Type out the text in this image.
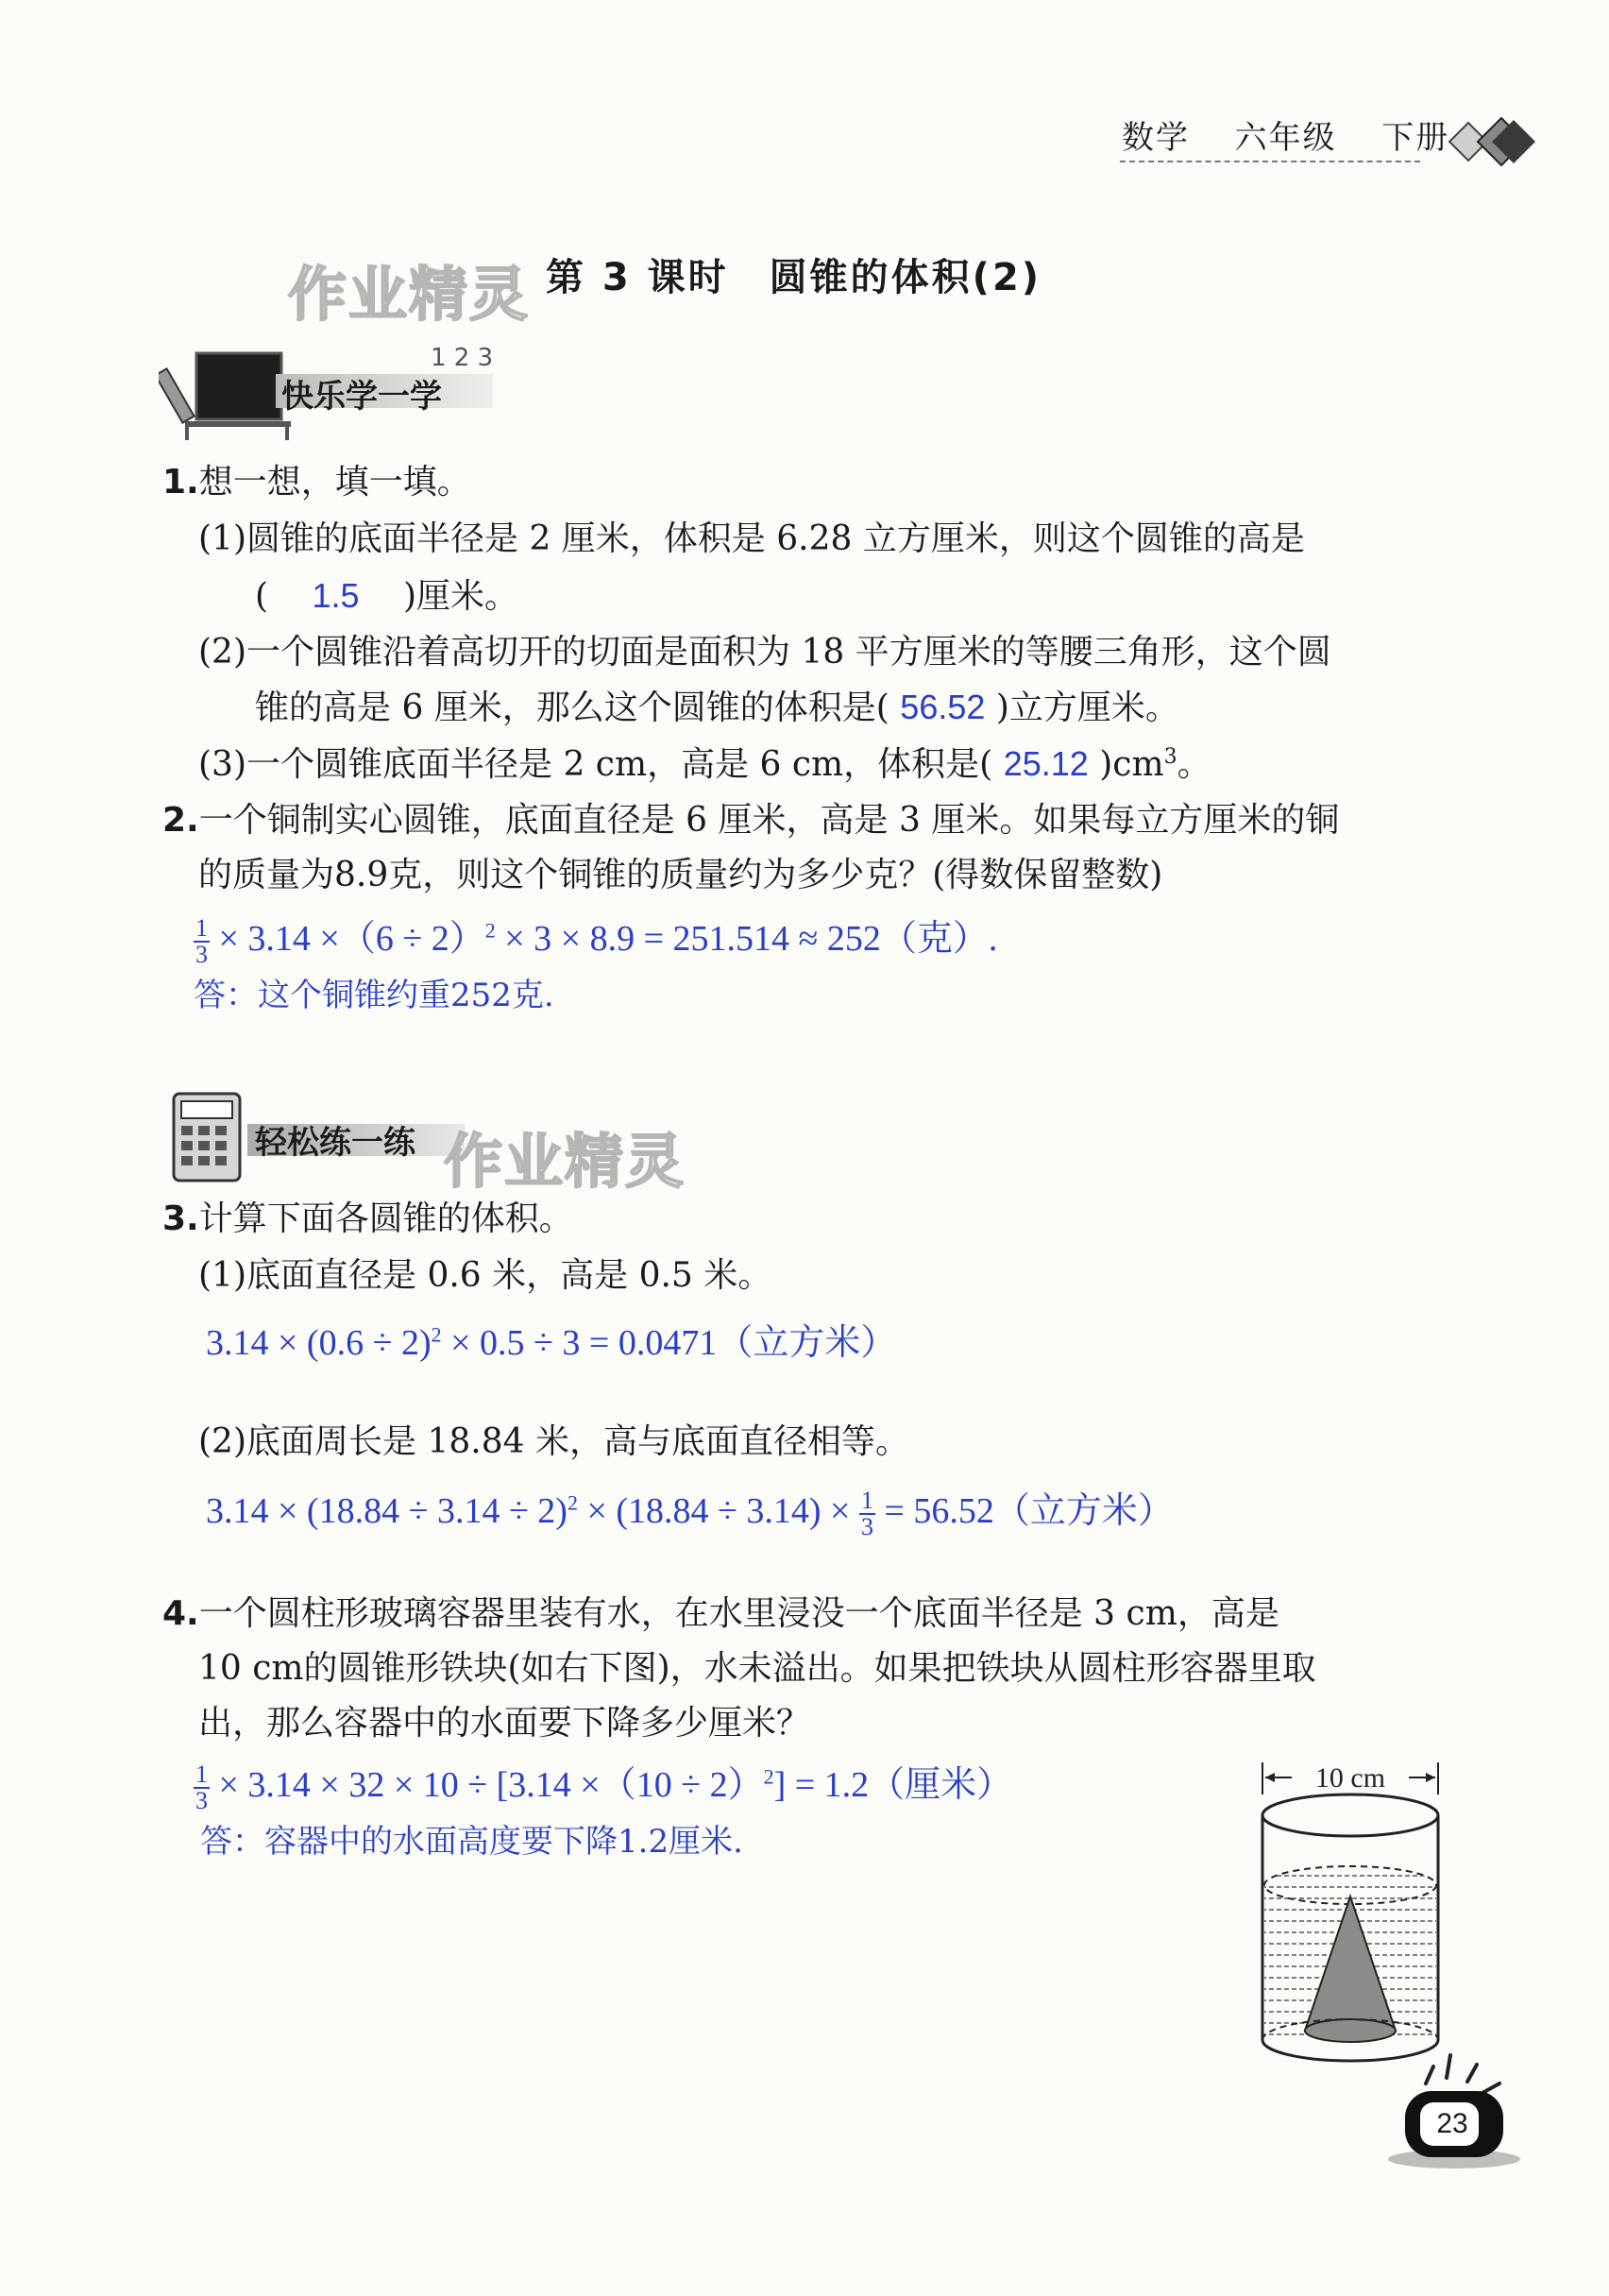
数学 六年级 下册
作业精灵 第 3 课时　圆锥的体积(2)
快乐学一学
1 2 3
1.想一想，填一填。
(1)圆锥的底面半径是 2 厘米，体积是 6.28 立方厘米，则这个圆锥的高是
( 1.5 )厘米。
(2)一个圆锥沿着高切开的切面是面积为 18 平方厘米的等腰三角形，这个圆
锥的高是 6 厘米，那么这个圆锥的体积是( 56.52 )立方厘米。
(3)一个圆锥底面半径是 2 cm，高是 6 cm，体积是( 25.12 )$cm^3$。
2.一个铜制实心圆锥，底面直径是 6 厘米，高是 3 厘米。如果每立方厘米的铜
的质量为8.9克，则这个铜锥的质量约为多少克？(得数保留整数)
$\frac{1}{3} \times 3.14 \times(6 \div 2)^2 \times 3 \times 8.9 = 251.514 \approx 252$（克）.
答：这个铜锥约重252克.
轻松练一练 作业精灵
3.计算下面各圆锥的体积。
(1)底面直径是 0.6 米，高是 0.5 米。
$3.14 \times (0.6 \div 2)^2 \times 0.5 \div 3 = 0.0471$（立方米）
(2)底面周长是 18.84 米，高与底面直径相等。
$3.14 \times (18.84 \div 3.14 \div 2)^2 \times (18.84 \div 3.14) \times \frac{1}{3} = 56.52$（立方米）
4.一个圆柱形玻璃容器里装有水，在水里浸没一个底面半径是 3 cm，高是
10 cm的圆锥形铁块(如右下图)，水未溢出。如果把铁块从圆柱形容器里取
出，那么容器中的水面要下降多少厘米？
$\frac{1}{3} \times 3.14 \times 32 \times 10 \div [3.14 \times(10 \div 2)^2] = 1.2$（厘米）
答：容器中的水面高度要下降1.2厘米.
10 cm
23
